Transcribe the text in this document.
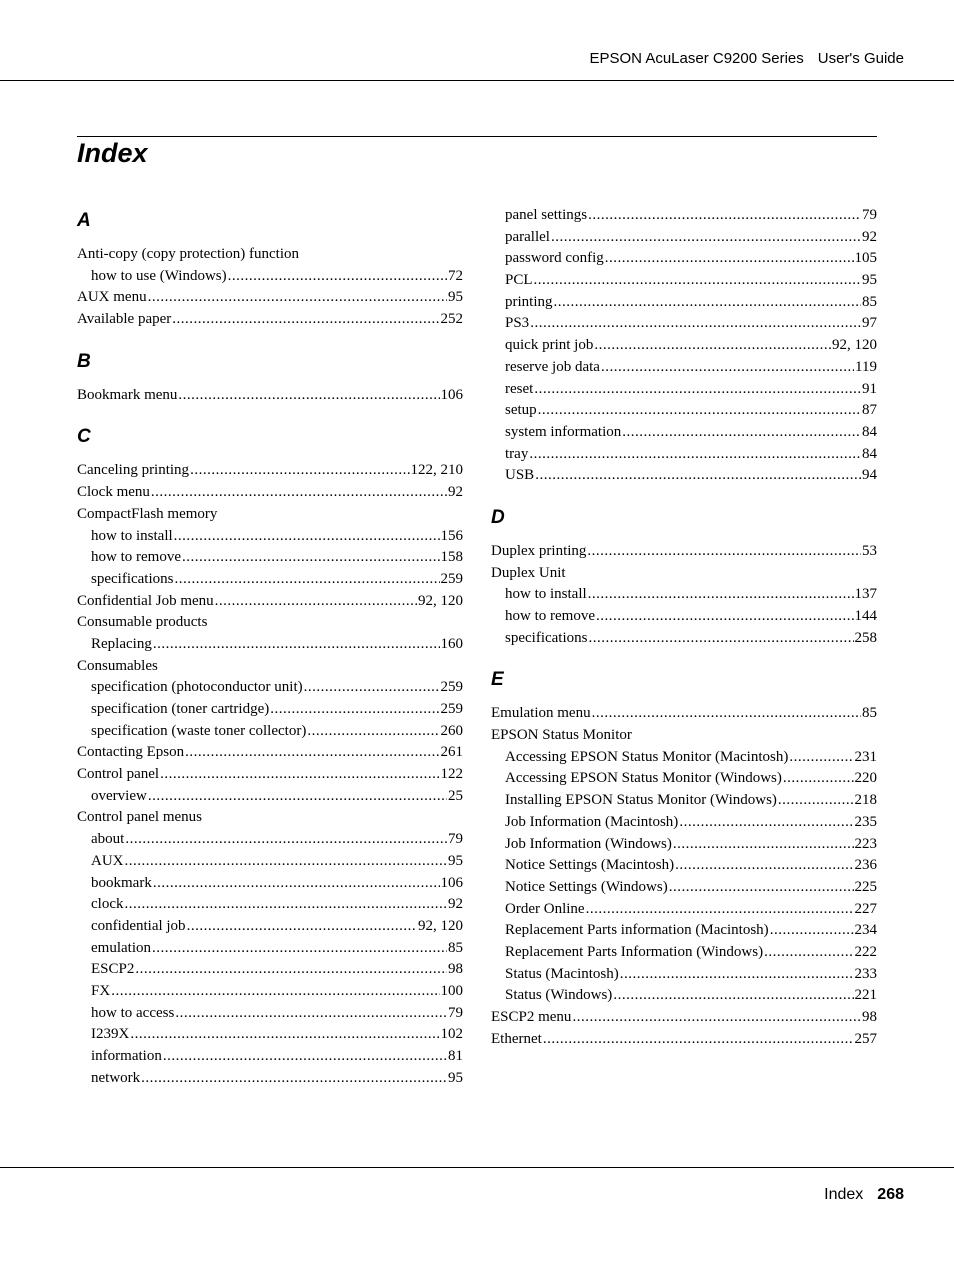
EPSON AcuLaser C9200 Series User's Guide
Index
A
Anti-copy (copy protection) function
how to use (Windows) .....	72
AUX menu .....	95
Available paper .....	252
B
Bookmark menu .....	106
C
Canceling printing .....	122, 210
Clock menu .....	92
CompactFlash memory
how to install .....	156
how to remove .....	158
specifications .....	259
Confidential Job menu .....	92, 120
Consumable products
Replacing .....	160
Consumables
specification (photoconductor unit) .....	259
specification (toner cartridge) .....	259
specification (waste toner collector) .....	260
Contacting Epson .....	261
Control panel .....	122
overview .....	25
Control panel menus
about .....	79
AUX .....	95
bookmark .....	106
clock .....	92
confidential job .....	92, 120
emulation .....	85
ESCP2 .....	98
FX .....	100
how to access .....	79
I239X .....	102
information .....	81
network .....	95
panel settings .....	79
parallel .....	92
password config .....	105
PCL .....	95
printing .....	85
PS3 .....	97
quick print job .....	92, 120
reserve job data .....	119
reset .....	91
setup .....	87
system information .....	84
tray .....	84
USB .....	94
D
Duplex printing .....	53
Duplex Unit
how to install .....	137
how to remove .....	144
specifications .....	258
E
Emulation menu .....	85
EPSON Status Monitor
Accessing EPSON Status Monitor (Macintosh) .....	231
Accessing EPSON Status Monitor (Windows) .....	220
Installing EPSON Status Monitor (Windows) .....	218
Job Information (Macintosh) .....	235
Job Information (Windows) .....	223
Notice Settings (Macintosh) .....	236
Notice Settings (Windows) .....	225
Order Online .....	227
Replacement Parts information (Macintosh) .....	234
Replacement Parts Information (Windows) .....	222
Status (Macintosh) .....	233
Status (Windows) .....	221
ESCP2 menu .....	98
Ethernet .....	257
Index 268
